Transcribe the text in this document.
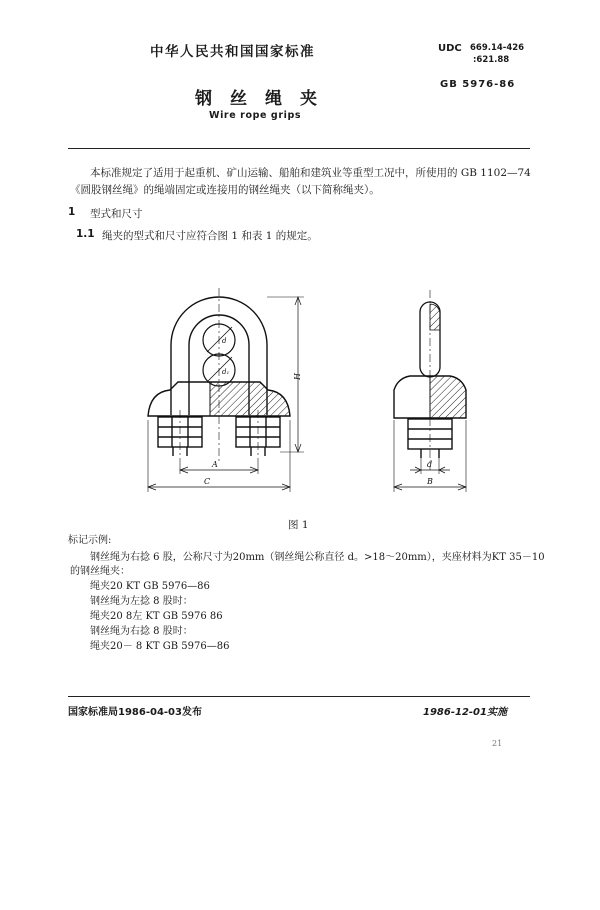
中华人民共和国国家标准	UDC 669.14-426
:621.88
GB 5976-86
钢丝绳夹
Wire rope grips
本标准规定了适用于起重机、矿山运输、船舶和建筑业等重型工况中，所使用的 GB 1102—74
《圆股钢丝绳》的绳端固定或连接用的钢丝绳夹（以下简称绳夹）。
1 型式和尺寸
1.1 绳夹的型式和尺寸应符合图 1 和表 1 的规定。
d
d₁
H
A
C
d
B
图 1
标记示例:
钢丝绳为右捻 6 股，公称尺寸为20mm（钢丝绳公称直径 d。>18～20mm），夹座材料为KT 35－10
的钢丝绳夹：
绳夹20 KT GB 5976—86
钢丝绳为左捻 8 股时：
绳夹20 8左 KT GB 5976 86
钢丝绳为右捻 8 股时：
绳夹20－ 8 KT GB 5976—86
国家标准局1986-04-03发布	1986-12-01实施
21
